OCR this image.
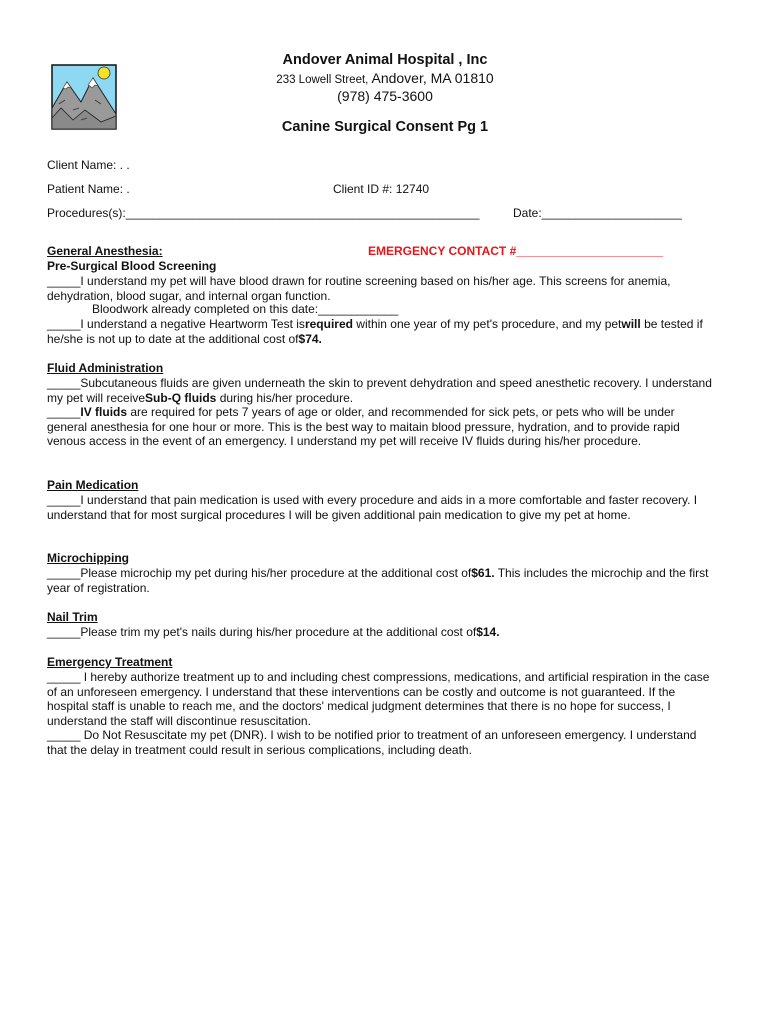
Andover Animal Hospital , Inc
233 Lowell Street, Andover, MA 01810
(978) 475-3600
Canine Surgical Consent Pg 1
Client Name: . .
Patient Name: .	Client ID #: 12740
Procedures(s):_____________________________________________________	Date:_____________________
General Anesthesia:	EMERGENCY CONTACT #______________________
Pre-Surgical Blood Screening
_____I understand my pet will have blood drawn for routine screening based on his/her age. This screens for anemia, dehydration, blood sugar, and internal organ function.
Bloodwork already completed on this date:____________
_____I understand a negative Heartworm Test isrequired within one year of my pet's procedure, and my petwill be tested if he/she is not up to date at the additional cost of$74.
Fluid Administration
_____Subcutaneous fluids are given underneath the skin to prevent dehydration and speed anesthetic recovery. I understand my pet will receiveSub-Q fluids during his/her procedure.
_____IV fluids are required for pets 7 years of age or older, and recommended for sick pets, or pets who will be under general anesthesia for one hour or more. This is the best way to maitain blood pressure, hydration, and to provide rapid venous access in the event of an emergency. I understand my pet will receive IV fluids during his/her procedure.
Pain Medication
_____I understand that pain medication is used with every procedure and aids in a more comfortable and faster recovery. I understand that for most surgical procedures I will be given additional pain medication to give my pet at home.
Microchipping
_____Please microchip my pet during his/her procedure at the additional cost of$61. This includes the microchip and the first year of registration.
Nail Trim
_____Please trim my pet's nails during his/her procedure at the additional cost of$14.
Emergency Treatment
_____ I hereby authorize treatment up to and including chest compressions, medications, and artificial respiration in the case of an unforeseen emergency. I understand that these interventions can be costly and outcome is not guaranteed. If the hospital staff is unable to reach me, and the doctors' medical judgment determines that there is no hope for success, I understand the staff will discontinue resuscitation.
_____ Do Not Resuscitate my pet (DNR). I wish to be notified prior to treatment of an unforeseen emergency. I understand that the delay in treatment could result in serious complications, including death.
